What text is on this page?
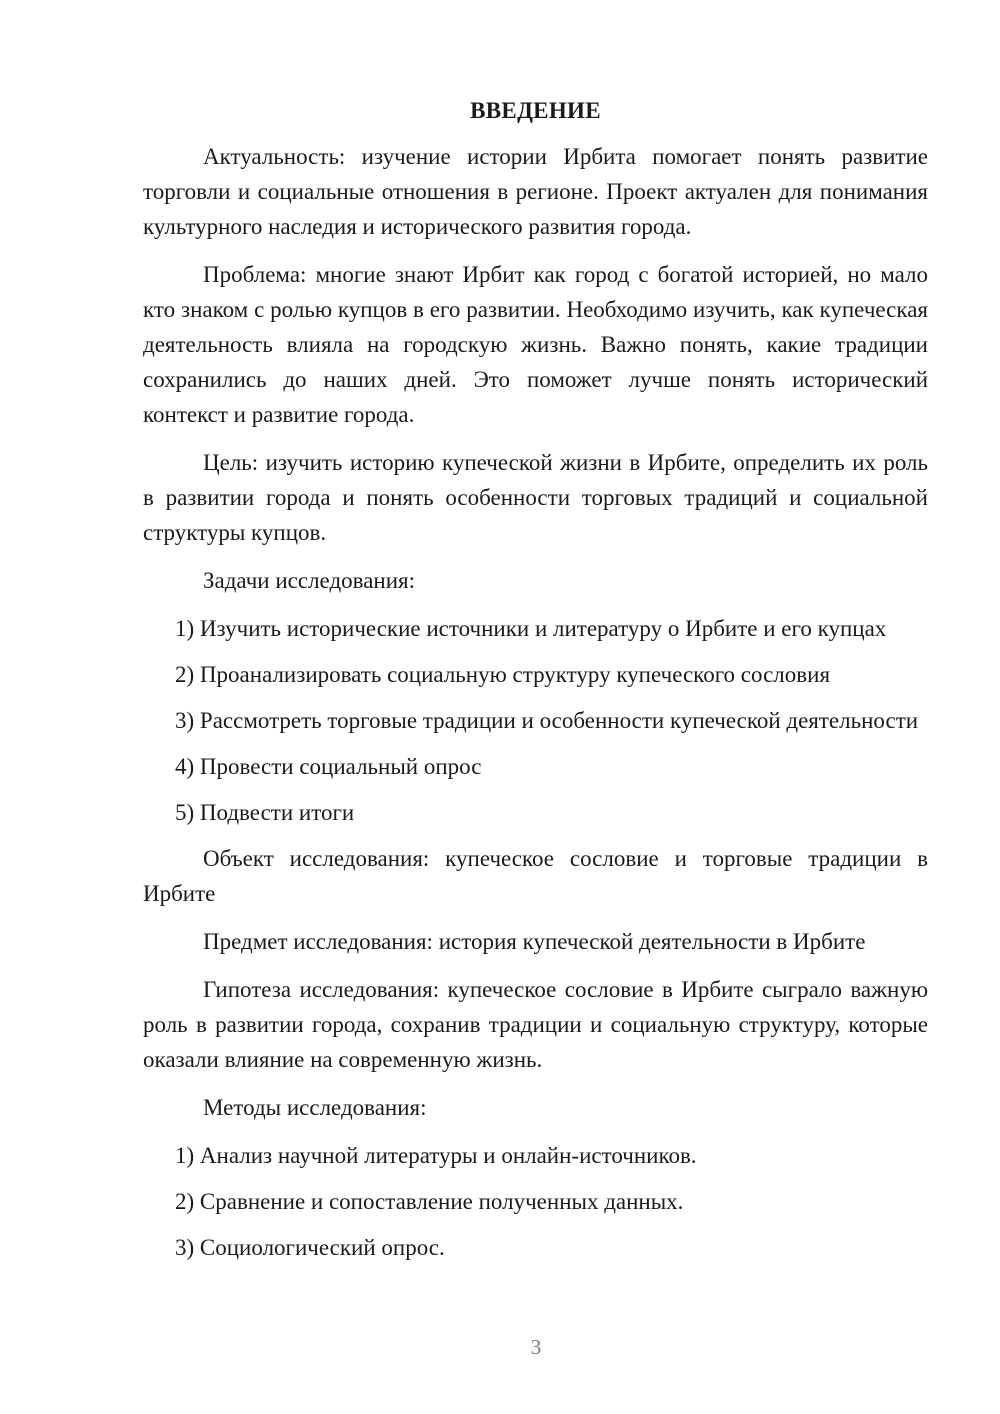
ВВЕДЕНИЕ

Актуальность: изучение истории Ирбита помогает понять развитие торговли и социальные отношения в регионе. Проект актуален для понимания культурного наследия и исторического развития города.

Проблема: многие знают Ирбит как город с богатой историей, но мало кто знаком с ролью купцов в его развитии. Необходимо изучить, как купеческая деятельность влияла на городскую жизнь. Важно понять, какие традиции сохранились до наших дней. Это поможет лучше понять исторический контекст и развитие города.

Цель: изучить историю купеческой жизни в Ирбите, определить их роль в развитии города и понять особенности торговых традиций и социальной структуры купцов.

Задачи исследования:

1) Изучить исторические источники и литературу о Ирбите и его купцах

2) Проанализировать социальную структуру купеческого сословия

3) Рассмотреть торговые традиции и особенности купеческой деятельности

4) Провести социальный опрос

5) Подвести итоги

Объект исследования: купеческое сословие и торговые традиции в Ирбите

Предмет исследования: история купеческой деятельности в Ирбите

Гипотеза исследования: купеческое сословие в Ирбите сыграло важную роль в развитии города, сохранив традиции и социальную структуру, которые оказали влияние на современную жизнь.

Методы исследования:

1) Анализ научной литературы и онлайн-источников.

2) Сравнение и сопоставление полученных данных.

3) Социологический опрос.

3
